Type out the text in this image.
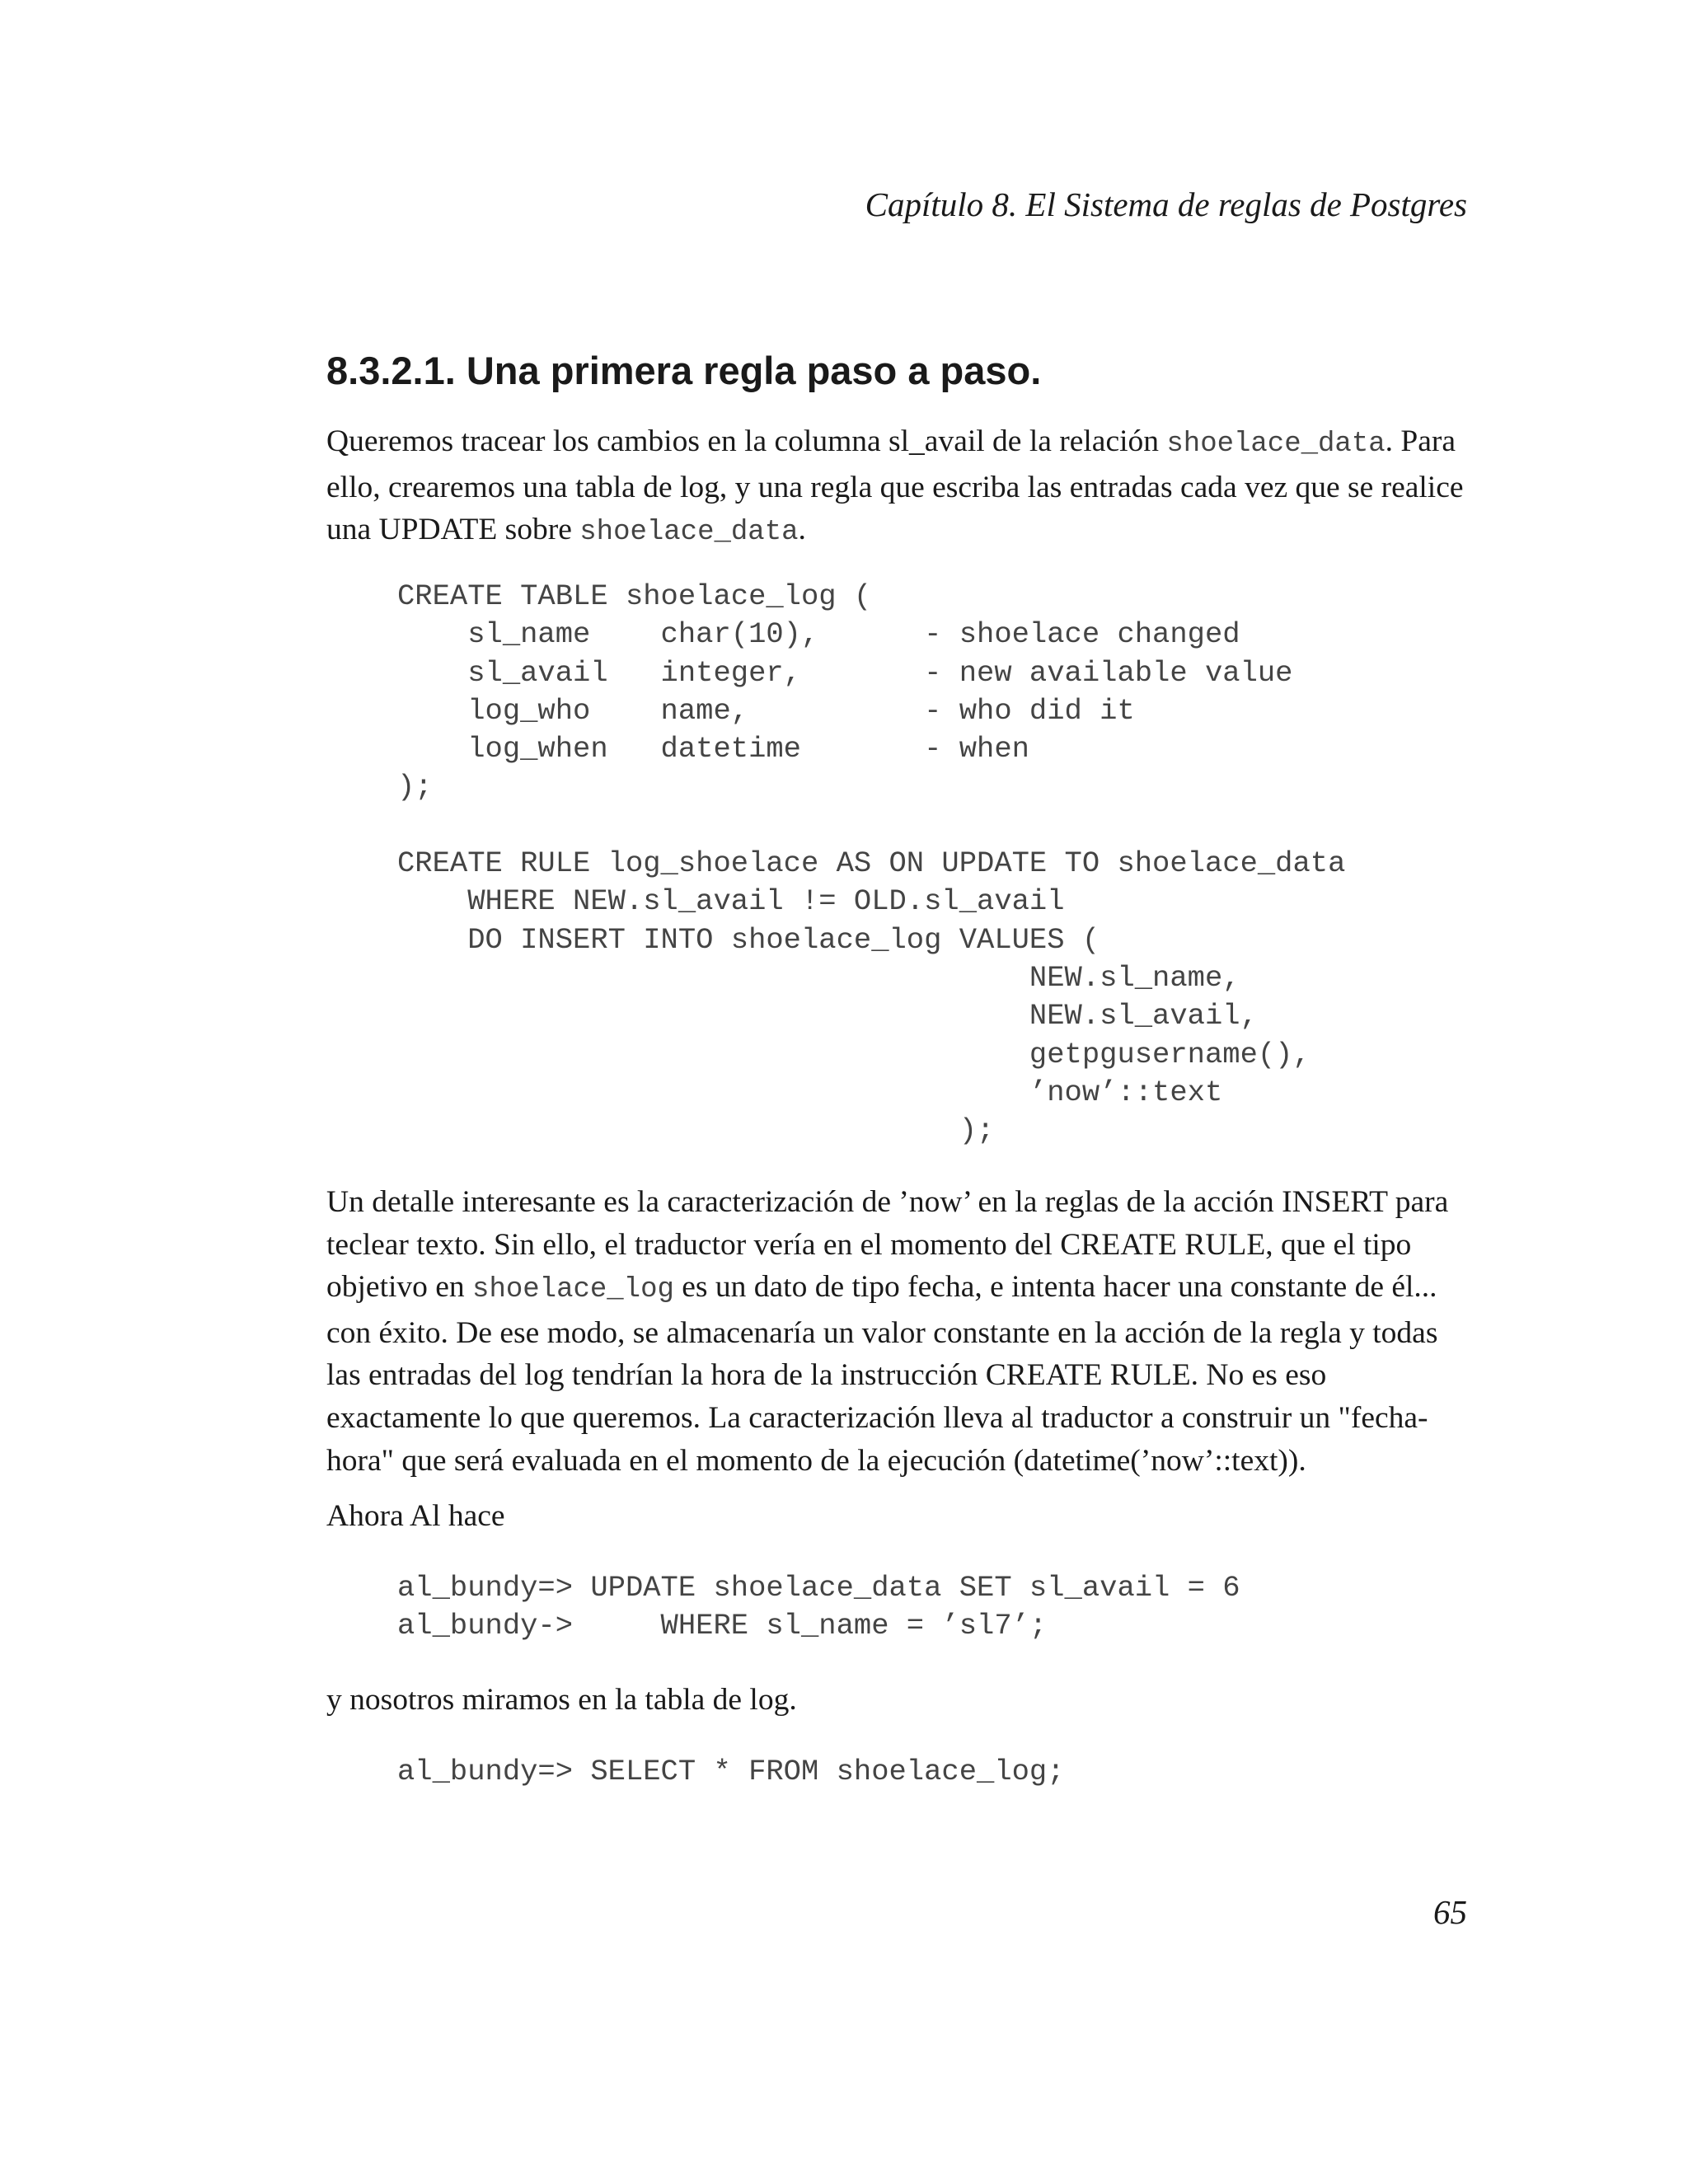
Capítulo 8. El Sistema de reglas de Postgres
8.3.2.1. Una primera regla paso a paso.

Queremos tracear los cambios en la columna sl_avail de la relación shoelace_data. Para ello, crearemos una tabla de log, y una regla que escriba las entradas cada vez que se realice una UPDATE sobre shoelace_data.

CREATE TABLE shoelace_log (
sl_name    char(10),      - shoelace changed
sl_avail   integer,       - new available value
log_who    name,          - who did it
log_when   datetime       - when
);

CREATE RULE log_shoelace AS ON UPDATE TO shoelace_data
WHERE NEW.sl_avail != OLD.sl_avail
DO INSERT INTO shoelace_log VALUES (
NEW.sl_name,
NEW.sl_avail,
getpgusername(),
’now’::text
);

Un detalle interesante es la caracterización de ’now’ en la reglas de la acción INSERT para teclear texto. Sin ello, el traductor vería en el momento del CREATE RULE, que el tipo objetivo en shoelace_log es un dato de tipo fecha, e intenta hacer una constante de él... con éxito. De ese modo, se almacenaría un valor constante en la acción de la regla y todas las entradas del log tendrían la hora de la instrucción CREATE RULE. No es eso exactamente lo que queremos. La caracterización lleva al traductor a construir un "fecha-hora" que será evaluada en el momento de la ejecución (datetime(’now’::text)).

Ahora Al hace

al_bundy=> UPDATE shoelace_data SET sl_avail = 6
al_bundy->     WHERE sl_name = ’sl7’;

y nosotros miramos en la tabla de log.

al_bundy=> SELECT * FROM shoelace_log;
65
